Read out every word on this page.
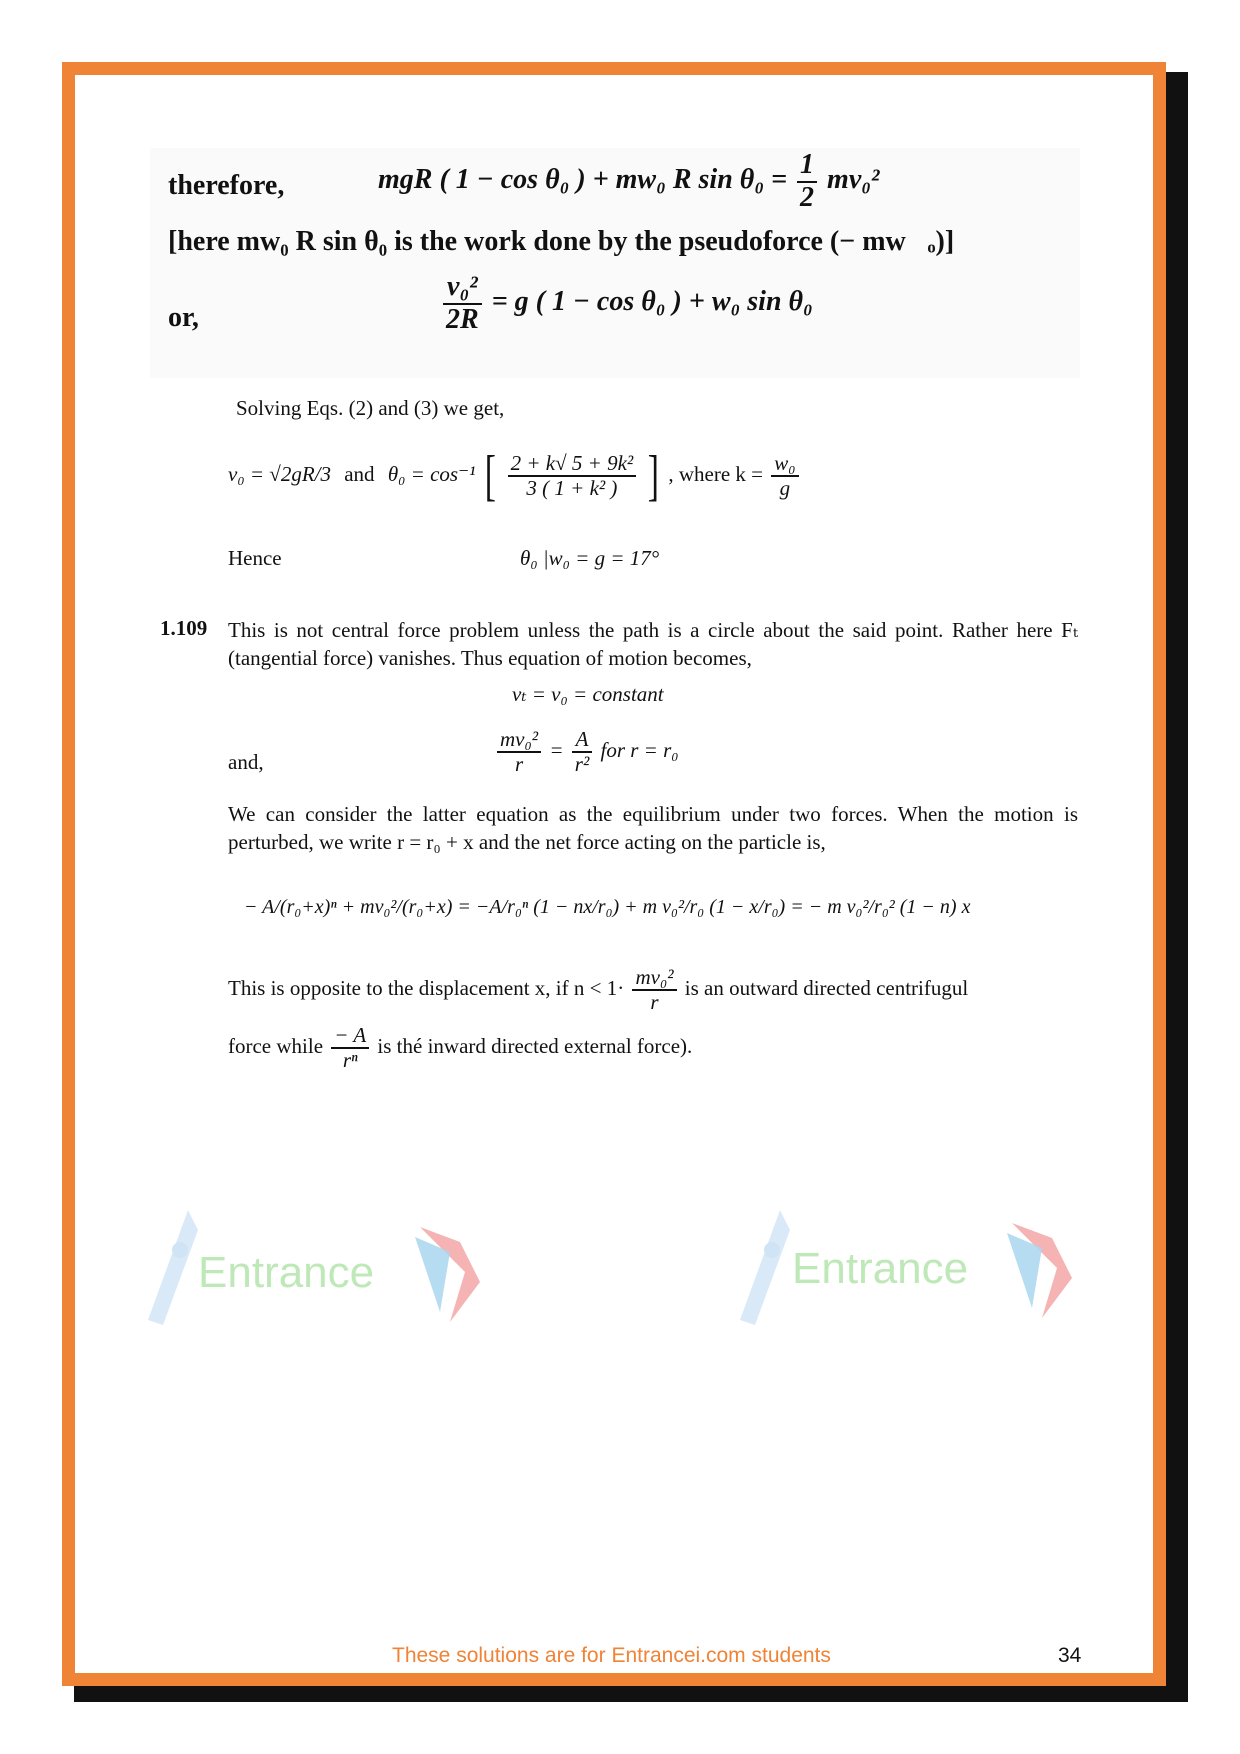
therefore,	mgR ( 1 − cos θ₀ ) + mw₀ R $\sin \theta_0 = \frac{1}{2} mv_0^2$
[here mw₀ R sin θ₀ is the work done by the pseudoforce (− mw⃗ₒ)]
or,	$\frac{\text{v₀²}}{2R} = g$ ( 1 − cos θ₀ ) + w₀ sin θ₀
Solving Eqs. (2) and (3) we get,
v₀ = √2gR/3 and θ₀ = cos⁻¹ [ $\frac{\text{2 + k√ 5 + 9k²}}{\text{3 ( 1 + k² )}}$ ] , where $k = \frac{\text{w₀}}{g}$
Hence	θ₀ |w₀ = g = 17°
1.109 This is not central force problem unless the path is a circle about the said point. Rather here Fₜ (tangential force) vanishes. Thus equation of motion becomes,
vₜ = v₀ = constant
and,	$\frac{\text{mv₀²}}{r} = \frac{A}{\text{r²}}$ for r = r₀
We can consider the latter equation as the equilibrium under two forces. When the motion is perturbed, we write r = r₀ + x and the net force acting on the particle is,
− A/(r₀+x)ⁿ + mv₀²/(r₀+x) = −A/r₀ⁿ (1 − nx/r₀) + m v₀²/r₀ (1 − x/r₀) = − m v₀²/r₀² (1 − n) x
This is opposite to the displacement x, if $n < 1\cdot \frac{\text{mv₀²}}{r}$ is an outward directed centrifugul
force while $\frac{- A}{\text{rⁿ}}$ is thé inward directed external force).
Entrance	Entrance
These solutions are for Entrancei.com students	34
